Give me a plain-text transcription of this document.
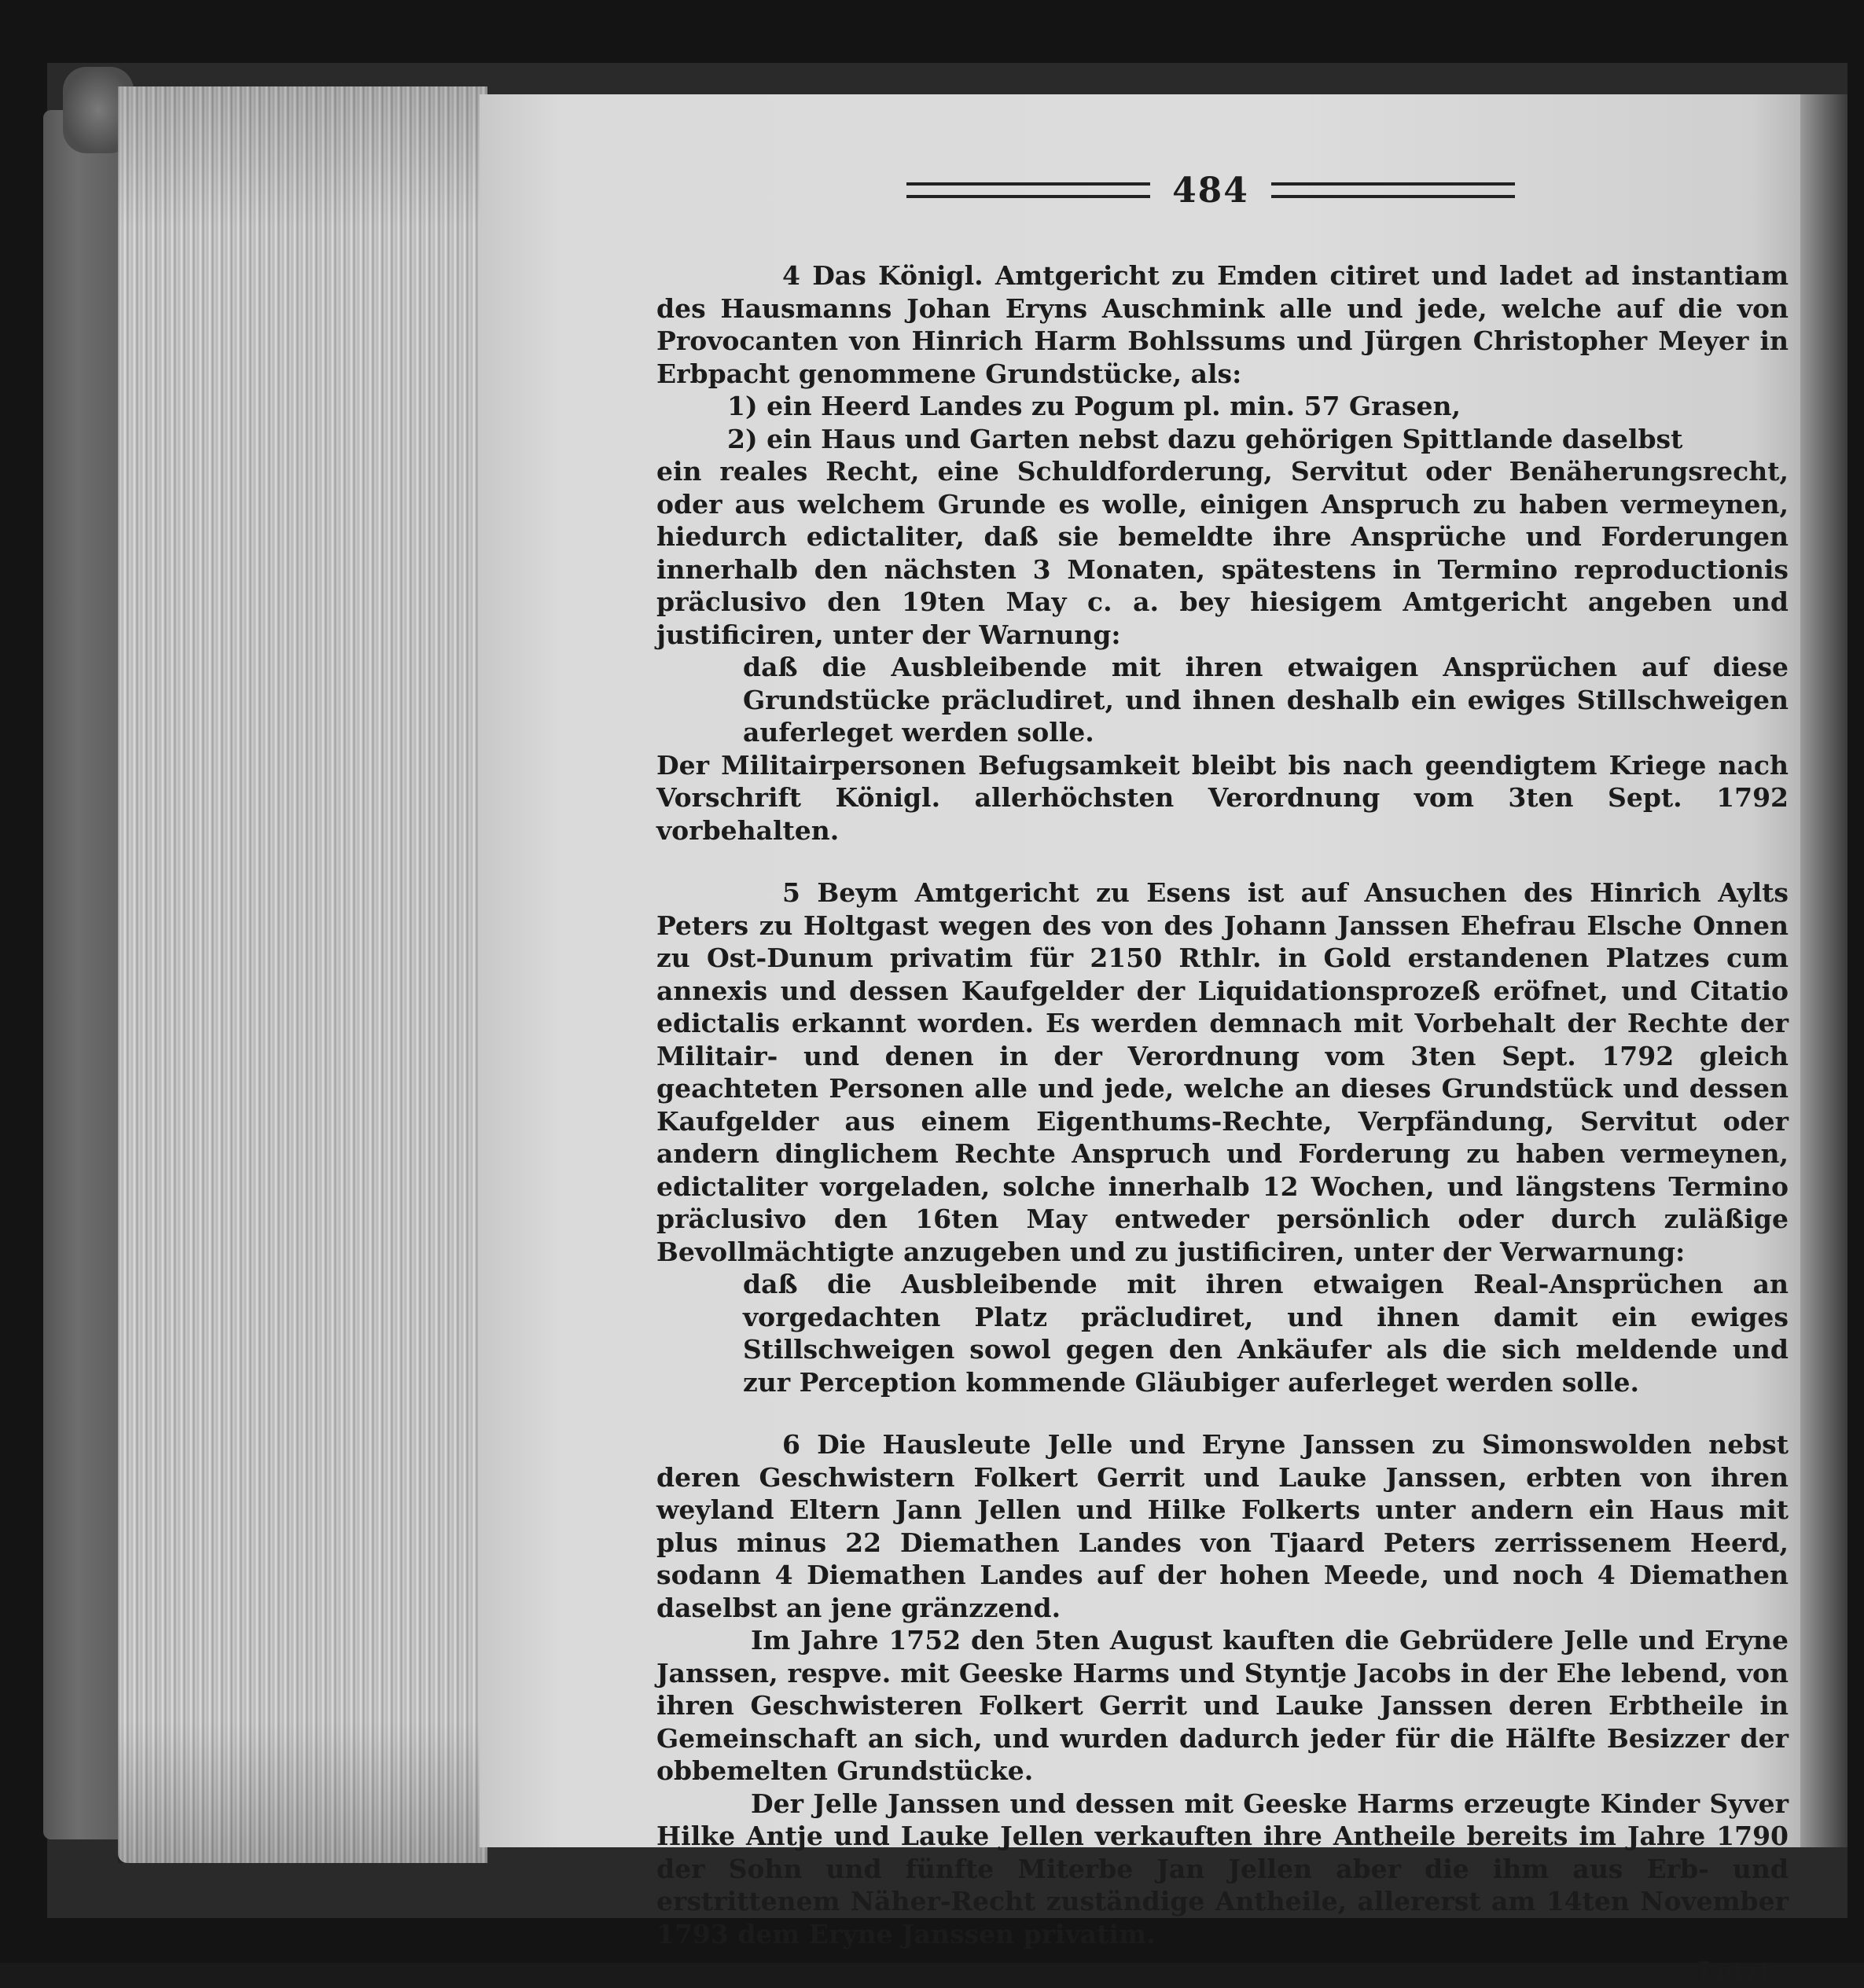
484

4 Das Königl. Amtgericht zu Emden citiret und ladet ad instantiam des Hausmanns Johan Eryns Auschmink alle und jede, welche auf die von Provocanten von Hinrich Harm Bohlssums und Jürgen Christopher Meyer in Erbpacht genommene Grundstücke, als:

1) ein Heerd Landes zu Pogum pl. min. 57 Grasen,

2) ein Haus und Garten nebst dazu gehörigen Spittlande daselbst

ein reales Recht, eine Schuldforderung, Servitut oder Benäherungsrecht, oder aus welchem Grunde es wolle, einigen Anspruch zu haben vermeynen, hiedurch edictaliter, daß sie bemeldte ihre Ansprüche und Forderungen innerhalb den nächsten 3 Monaten, spätestens in Termino reproductionis präclusivo den 19ten May c. a. bey hiesigem Amtgericht angeben und justificiren, unter der Warnung:

daß die Ausbleibende mit ihren etwaigen Ansprüchen auf diese Grundstücke präcludiret, und ihnen deshalb ein ewiges Stillschweigen auferleget werden solle.

Der Militairpersonen Befugsamkeit bleibt bis nach geendigtem Kriege nach Vorschrift Königl. allerhöchsten Verordnung vom 3ten Sept. 1792 vorbehalten.

5 Beym Amtgericht zu Esens ist auf Ansuchen des Hinrich Aylts Peters zu Holtgast wegen des von des Johann Janssen Ehefrau Elsche Onnen zu Ost-Dunum privatim für 2150 Rthlr. in Gold erstandenen Platzes cum annexis und dessen Kaufgelder der Liquidationsprozeß eröfnet, und Citatio edictalis erkannt worden. Es werden demnach mit Vorbehalt der Rechte der Militair- und denen in der Verordnung vom 3ten Sept. 1792 gleich geachteten Personen alle und jede, welche an dieses Grundstück und dessen Kaufgelder aus einem Eigenthums-Rechte, Verpfändung, Servitut oder andern dinglichem Rechte Anspruch und Forderung zu haben vermeynen, edictaliter vorgeladen, solche innerhalb 12 Wochen, und längstens Termino präclusivo den 16ten May entweder persönlich oder durch zuläßige Bevollmächtigte anzugeben und zu justificiren, unter der Verwarnung:

daß die Ausbleibende mit ihren etwaigen Real-Ansprüchen an vorgedachten Platz präcludiret, und ihnen damit ein ewiges Stillschweigen sowol gegen den Ankäufer als die sich meldende und zur Perception kommende Gläubiger auferleget werden solle.

6 Die Hausleute Jelle und Eryne Janssen zu Simonswolden nebst deren Geschwistern Folkert Gerrit und Lauke Janssen, erbten von ihren weyland Eltern Jann Jellen und Hilke Folkerts unter andern ein Haus mit plus minus 22 Diemathen Landes von Tjaard Peters zerrissenem Heerd, sodann 4 Diemathen Landes auf der hohen Meede, und noch 4 Diemathen daselbst an jene gränzzend.

Im Jahre 1752 den 5ten August kauften die Gebrüdere Jelle und Eryne Janssen, respve. mit Geeske Harms und Styntje Jacobs in der Ehe lebend, von ihren Geschwisteren Folkert Gerrit und Lauke Janssen deren Erbtheile in Gemeinschaft an sich, und wurden dadurch jeder für die Hälfte Besizzer der obbemelten Grundstücke.

Der Jelle Janssen und dessen mit Geeske Harms erzeugte Kinder Syver Hilke Antje und Lauke Jellen verkauften ihre Antheile bereits im Jahre 1790 der Sohn und fünfte Miterbe Jan Jellen aber die ihm aus Erb- und erstrittenem Näher-Recht zuständige Antheile, allererst am 14ten November 1793 dem Eryne Janssen privatim.

Letzt.
